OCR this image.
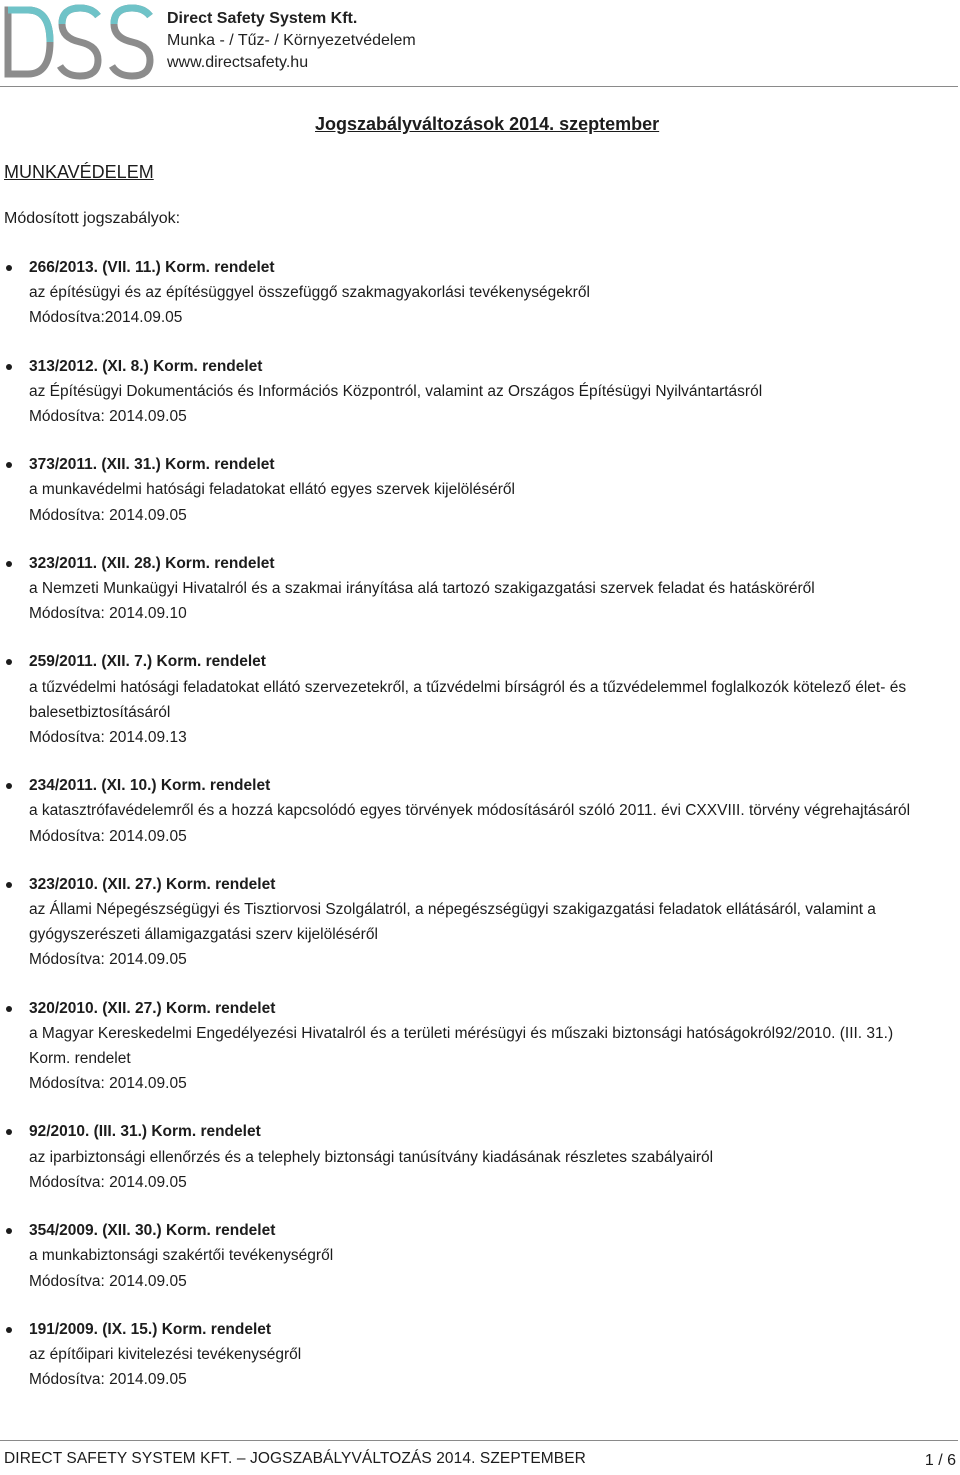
Direct Safety System Kft.
Munka - / Tűz- / Környezetvédelem
www.directsafety.hu
Jogszabályváltozások 2014. szeptember
MUNKAVÉDELEM
Módosított jogszabályok:
266/2013. (VII. 11.) Korm. rendelet
az építésügyi és az építésüggyel összefüggő szakmagyakorlási tevékenységekről
Módosítva:2014.09.05
313/2012. (XI. 8.) Korm. rendelet
az Építésügyi Dokumentációs és Információs Központról, valamint az Országos Építésügyi Nyilvántartásról
Módosítva: 2014.09.05
373/2011. (XII. 31.) Korm. rendelet
a munkavédelmi hatósági feladatokat ellátó egyes szervek kijelöléséről
Módosítva: 2014.09.05
323/2011. (XII. 28.) Korm. rendelet
a Nemzeti Munkaügyi Hivatalról és a szakmai irányítása alá tartozó szakigazgatási szervek feladat és hatásköréről
Módosítva: 2014.09.10
259/2011. (XII. 7.) Korm. rendelet
a tűzvédelmi hatósági feladatokat ellátó szervezetekről, a tűzvédelmi bírságról és a tűzvédelemmel foglalkozók kötelező élet- és balesetbiztosításáról
Módosítva: 2014.09.13
234/2011. (XI. 10.) Korm. rendelet
a katasztrófavédelemről és a hozzá kapcsolódó egyes törvények módosításáról szóló 2011. évi CXXVIII. törvény végrehajtásáról
Módosítva: 2014.09.05
323/2010. (XII. 27.) Korm. rendelet
az Állami Népegészségügyi és Tisztiorvosi Szolgálatról, a népegészségügyi szakigazgatási feladatok ellátásáról, valamint a gyógyszerészeti államigazgatási szerv kijelöléséről
Módosítva: 2014.09.05
320/2010. (XII. 27.) Korm. rendelet
a Magyar Kereskedelmi Engedélyezési Hivatalról és a területi mérésügyi és műszaki biztonsági hatóságokról92/2010. (III. 31.) Korm. rendelet
Módosítva: 2014.09.05
92/2010. (III. 31.) Korm. rendelet
az iparbiztonsági ellenőrzés és a telephely biztonsági tanúsítvány kiadásának részletes szabályairól
Módosítva: 2014.09.05
354/2009. (XII. 30.) Korm. rendelet
a munkabiztonsági szakértői tevékenységről
Módosítva: 2014.09.05
191/2009. (IX. 15.) Korm. rendelet
az építőipari kivitelezési tevékenységről
Módosítva: 2014.09.05
DIRECT SAFETY SYSTEM KFT. – JOGSZABÁLYVÁLTOZÁS 2014. SZEPTEMBER	1 / 6
